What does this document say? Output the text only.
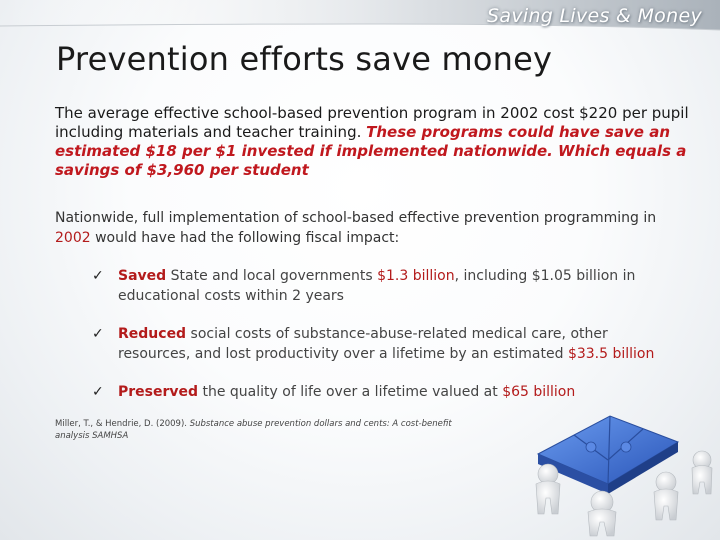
Saving Lives & Money
Prevention efforts save money

The average effective school-based prevention program in 2002 cost $220 per pupil including materials and teacher training. These programs could have save an estimated $18 per $1 invested if implemented nationwide. Which equals a savings of $3,960 per student

Nationwide, full implementation of school-based effective prevention programming in 2002 would have had the following fiscal impact:

✓ Saved State and local governments $1.3 billion, including $1.05 billion in educational costs within 2 years
✓ Reduced social costs of substance-abuse-related medical care, other resources, and lost productivity over a lifetime by an estimated $33.5 billion
✓ Preserved the quality of life over a lifetime valued at $65 billion

Miller, T., & Hendrie, D. (2009). Substance abuse prevention dollars and cents: A cost-benefit analysis SAMHSA
